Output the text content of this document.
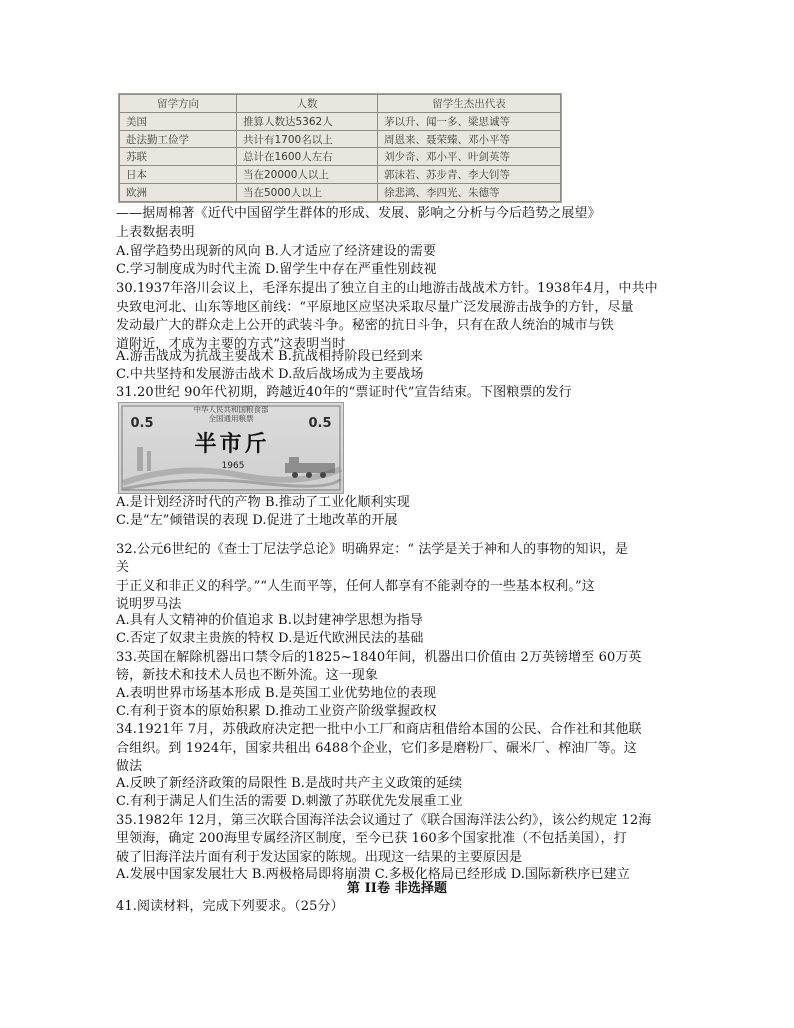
留学方向	人数	留学生杰出代表
美国	推算人数达5362人	茅以升、闻一多、梁思诚等
赴法勤工俭学	共计有1700名以上	周恩来、聂荣臻、邓小平等
苏联	总计在1600人左右	刘少奇、邓小平、叶剑英等
日本	当在20000人以上	郭沫若、苏步青、李大钊等
欧洲	当在5000人以上	徐悲鸿、李四光、朱德等
——据周棉著《近代中国留学生群体的形成、发展、影响之分析与今后趋势之展望》
上表数据表明
A.留学趋势出现新的风向 B.人才适应了经济建设的需要
C.学习制度成为时代主流 D.留学生中存在严重性别歧视
30.1937年洛川会议上，毛泽东提出了独立自主的山地游击战战术方针。1938年4月，中共中
央致电河北、山东等地区前线：“平原地区应坚决采取尽量广泛发展游击战争的方针，尽量
发动最广大的群众走上公开的武装斗争。秘密的抗日斗争，只有在敌人统治的城市与铁
道附近，才成为主要的方式”这表明当时
A.游击战成为抗战主要战术 B.抗战相持阶段已经到来
C.中共坚持和发展游击战术 D.敌后战场成为主要战场
31.20世纪 90年代初期，跨越近40年的“票证时代”宣告结束。下图粮票的发行
中华人民共和国粮食部
全国通用粮票
0.5	0.5
半市斤
1965
A.是计划经济时代的产物 B.推动了工业化顺利实现
C.是“左”倾错误的表现 D.促进了土地改革的开展
32.公元6世纪的《查士丁尼法学总论》明确界定：“ 法学是关于神和人的事物的知识，是
关
于正义和非正义的科学。”“人生而平等，任何人都享有不能剥夺的一些基本权利。”这
说明罗马法
A.具有人文精神的价值追求 B.以封建神学思想为指导
C.否定了奴隶主贵族的特权 D.是近代欧洲民法的基础
33.英国在解除机器出口禁令后的1825~1840年间，机器出口价值由 2万英镑增至 60万英
镑，新技术和技术人员也不断外流。这一现象
A.表明世界市场基本形成 B.是英国工业优势地位的表现
C.有利于资本的原始积累 D.推动工业资产阶级掌握政权
34.1921年 7月，苏俄政府决定把一批中小工厂和商店租借给本国的公民、合作社和其他联
合组织。到 1924年，国家共租出 6488个企业，它们多是磨粉厂、碾米厂、榨油厂等。这
做法
A.反映了新经济政策的局限性 B.是战时共产主义政策的延续
C.有利于满足人们生活的需要 D.刺激了苏联优先发展重工业
35.1982年 12月，第三次联合国海洋法会议通过了《联合国海洋法公约》，该公约规定 12海
里领海，确定 200海里专属经济区制度，至今已获 160多个国家批准（不包括美国），打
破了旧海洋法片面有利于发达国家的陈规。出现这一结果的主要原因是
A.发展中国家发展壮大 B.两极格局即将崩溃 C.多极化格局已经形成 D.国际新秩序已建立
第 II卷 非选择题
41.阅读材料，完成下列要求。（25分）
